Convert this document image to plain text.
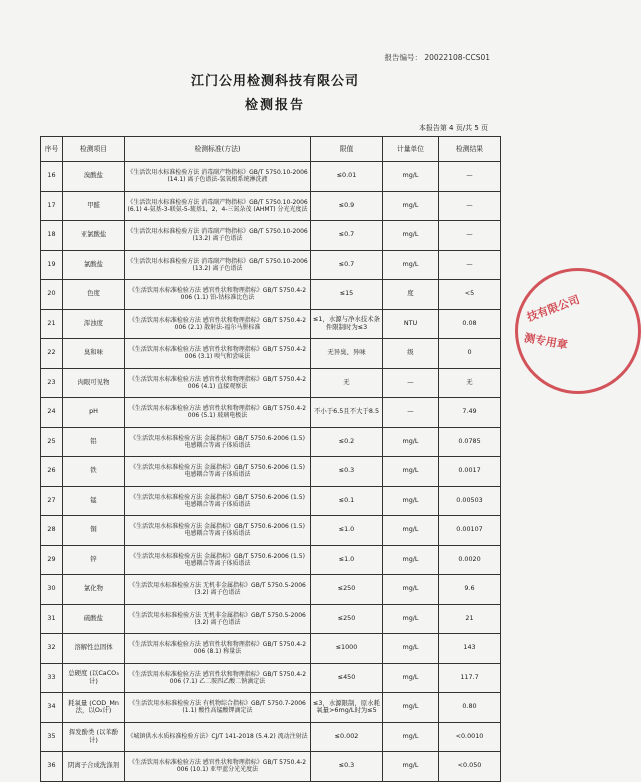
报告编号： 20022108-CCS01
江门公用检测科技有限公司
检测报告
本报告第 4 页/共 5 页
序号	检测项目	检测标准(方法)	限值	计量单位	检测结果
16	溴酸盐	《生活饮用水标准检验方法 消毒副产物指标》GB/T 5750.10-2006 (14.1) 离子色谱法-氢氧根系统淋洗液	≤0.01	mg/L	—
17	甲醛	《生活饮用水标准检验方法 消毒副产物指标》GB/T 5750.10-2006 (6.1) 4-氨基-3-联氨-5-巯基1，2，4-三氮杂茂 (AHMT) 分光光度法	≤0.9	mg/L	—
18	亚氯酸盐	《生活饮用水标准检验方法 消毒副产物指标》GB/T 5750.10-2006 (13.2) 离子色谱法	≤0.7	mg/L	—
19	氯酸盐	《生活饮用水标准检验方法 消毒副产物指标》GB/T 5750.10-2006 (13.2) 离子色谱法	≤0.7	mg/L	—
20	色度	《生活饮用水标准检验方法 感官性状和物理指标》GB/T 5750.4-2006 (1.1) 铂-钴标准比色法	≤15	度	<5
21	浑浊度	《生活饮用水标准检验方法 感官性状和物理指标》GB/T 5750.4-2006 (2.1) 散射法-福尔马肼标准	≤1，水源与净水技术条件限制时为≤3	NTU	0.08
22	臭和味	《生活饮用水标准检验方法 感官性状和物理指标》GB/T 5750.4-2006 (3.1) 嗅气和尝味法	无异臭、异味	级	0
23	肉眼可见物	《生活饮用水标准检验方法 感官性状和物理指标》GB/T 5750.4-2006 (4.1) 直接观察法	无	—	无
24	pH	《生活饮用水标准检验方法 感官性状和物理指标》GB/T 5750.4-2006 (5.1) 玻璃电极法	不小于6.5且不大于8.5	—	7.49
25	铝	《生活饮用水标准检验方法 金属指标》GB/T 5750.6-2006 (1.5) 电感耦合等离子体质谱法	≤0.2	mg/L	0.0785
26	铁	《生活饮用水标准检验方法 金属指标》GB/T 5750.6-2006 (1.5) 电感耦合等离子体质谱法	≤0.3	mg/L	0.0017
27	锰	《生活饮用水标准检验方法 金属指标》GB/T 5750.6-2006 (1.5) 电感耦合等离子体质谱法	≤0.1	mg/L	0.00503
28	铜	《生活饮用水标准检验方法 金属指标》GB/T 5750.6-2006 (1.5) 电感耦合等离子体质谱法	≤1.0	mg/L	0.00107
29	锌	《生活饮用水标准检验方法 金属指标》GB/T 5750.6-2006 (1.5) 电感耦合等离子体质谱法	≤1.0	mg/L	0.0020
30	氯化物	《生活饮用水标准检验方法 无机非金属指标》GB/T 5750.5-2006 (3.2) 离子色谱法	≤250	mg/L	9.6
31	硫酸盐	《生活饮用水标准检验方法 无机非金属指标》GB/T 5750.5-2006 (3.2) 离子色谱法	≤250	mg/L	21
32	溶解性总固体	《生活饮用水标准检验方法 感官性状和物理指标》GB/T 5750.4-2006 (8.1) 称量法	≤1000	mg/L	143
33	总硬度 (以CaCO₃计)	《生活饮用水标准检验方法 感官性状和物理指标》GB/T 5750.4-2006 (7.1) 乙二胺四乙酸二钠滴定法	≤450	mg/L	117.7
34	耗氧量 (COD_Mn法，以O₂计)	《生活饮用水标准检验方法 有机物综合指标》GB/T 5750.7-2006 (1.1) 酸性高锰酸钾滴定法	≤3，水源限制，原水耗氧量>6mg/L时为≤5	mg/L	0.80
35	挥发酚类 (以苯酚计)	《城镇供水水质标准检验方法》CJ/T 141-2018 (5.4.2) 流动注射法	≤0.002	mg/L	<0.0010
36	阴离子合成洗涤剂	《生活饮用水标准检验方法 感官性状和物理指标》GB/T 5750.4-2006 (10.1) 亚甲蓝分光光度法	≤0.3	mg/L	<0.050
技有限公司
测专用章
